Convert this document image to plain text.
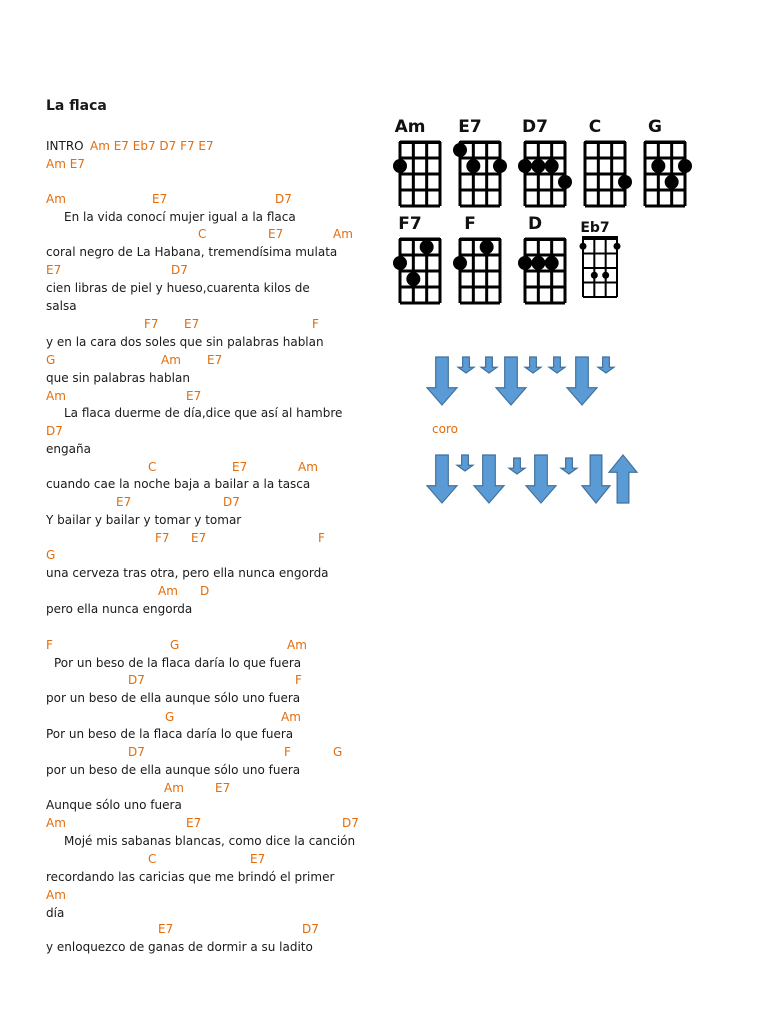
La flaca
INTRO Am E7 Eb7 D7 F7 E7
Am E7
Am	E7	D7
En la vida conocí mujer igual a la flaca
C	E7	Am
coral negro de La Habana, tremendísima mulata
E7	D7
cien libras de piel y hueso,cuarenta kilos de
salsa
F7 E7	F
y en la cara dos soles que sin palabras hablan
G	Am E7
que sin palabras hablan
Am	E7
La flaca duerme de día,dice que así al hambre
D7
engaña
C	E7	Am
cuando cae la noche baja a bailar a la tasca
E7	D7
Y bailar y bailar y tomar y tomar
F7 E7	F
G
una cerveza tras otra, pero ella nunca engorda
Am D
pero ella nunca engorda
F	G	Am
Por un beso de la flaca daría lo que fuera
D7	F
por un beso de ella aunque sólo uno fuera
G	Am
Por un beso de la flaca daría lo que fuera
D7	F	G
por un beso de ella aunque sólo uno fuera
Am	E7
Aunque sólo uno fuera
Am	E7	D7
Mojé mis sabanas blancas, como dice la canción
C	E7
recordando las caricias que me brindó el primer
Am
día
E7	D7
y enloquezco de ganas de dormir a su ladito
coro
Am	E7	D7	C	G
F7	F	D	Eb7
